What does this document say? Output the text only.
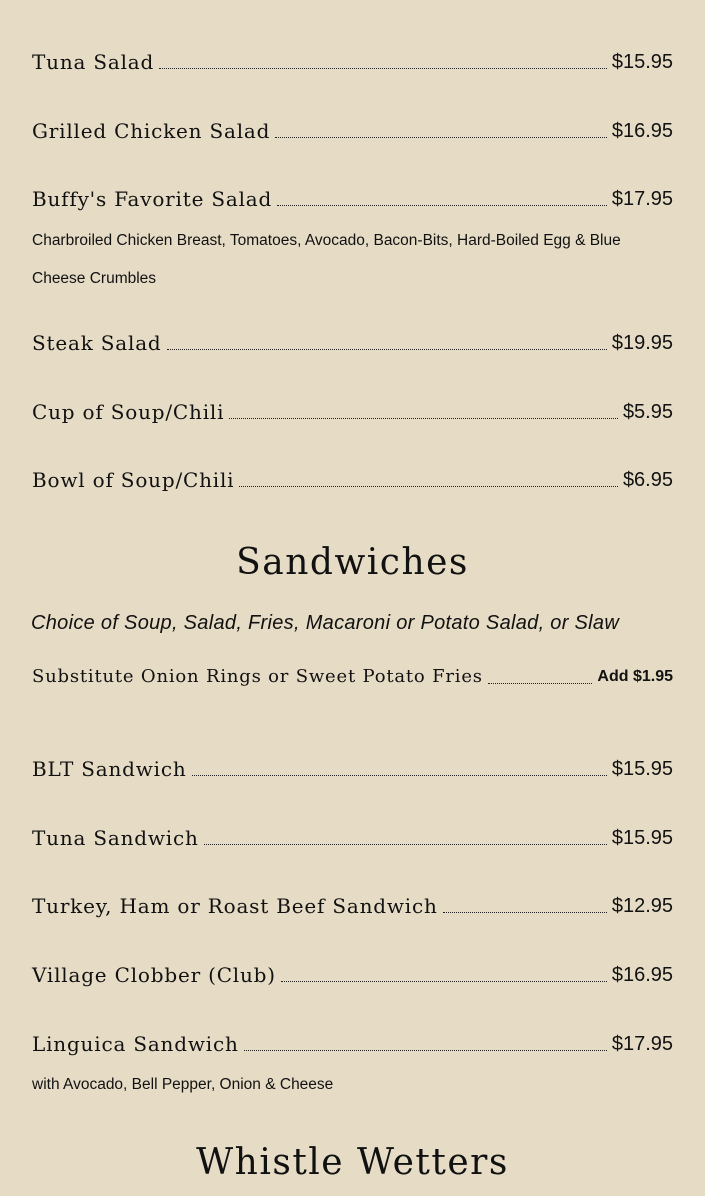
Tuna Salad	$15.95
Grilled Chicken Salad	$16.95
Buffy's Favorite Salad	$17.95
Charbroiled Chicken Breast, Tomatoes, Avocado, Bacon-Bits, Hard-Boiled Egg & Blue Cheese Crumbles
Steak Salad	$19.95
Cup of Soup/Chili	$5.95
Bowl of Soup/Chili	$6.95
Sandwiches
Choice of Soup, Salad, Fries, Macaroni or Potato Salad, or Slaw
Substitute Onion Rings or Sweet Potato Fries	Add $1.95
BLT Sandwich	$15.95
Tuna Sandwich	$15.95
Turkey, Ham or Roast Beef Sandwich	$12.95
Village Clobber (Club)	$16.95
Linguica Sandwich	$17.95
with Avocado, Bell Pepper, Onion & Cheese
Whistle Wetters
